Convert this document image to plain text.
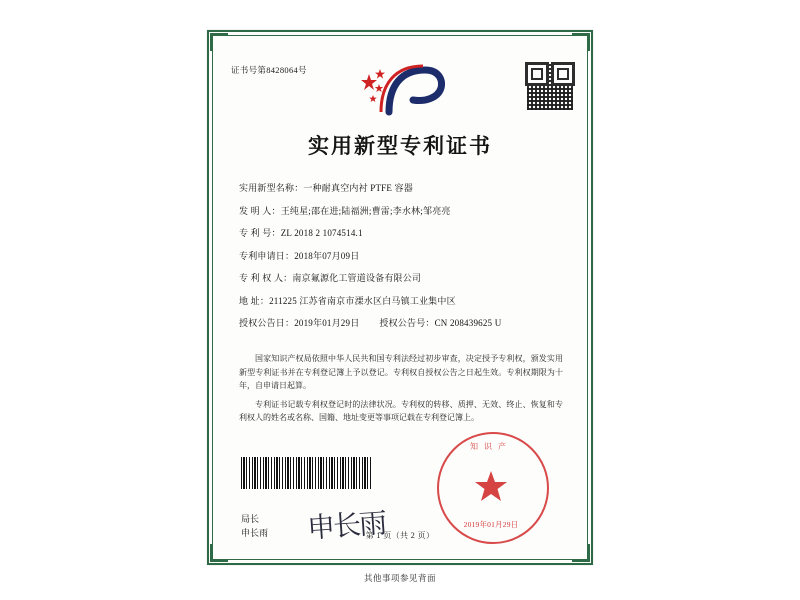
证书号第8428064号
实用新型专利证书
实用新型名称： 一种耐真空内衬 PTFE 容器
发 明 人： 王纯星;邵在进;陆福洲;曹雷;李水林;邹亮亮
专 利 号： ZL 2018 2 1074514.1
专利申请日： 2018年07月09日
专 利 权 人： 南京氟源化工管道设备有限公司
地 址： 211225 江苏省南京市溧水区白马镇工业集中区
授权公告日： 2019年01月29日 授权公告号： CN 208439625 U

国家知识产权局依照中华人民共和国专利法经过初步审查，决定授予专利权，颁发实用新型专利证书并在专利登记簿上予以登记。专利权自授权公告之日起生效。专利权期限为十年，自申请日起算。

专利证书记载专利权登记时的法律状况。专利权的转移、质押、无效、终止、恢复和专利权人的姓名或名称、国籍、地址变更等事项记载在专利登记簿上。

知识产
2019年01月29日
局长
申长雨 申长雨
第 1 页（共 2 页）
其他事项参见背面
